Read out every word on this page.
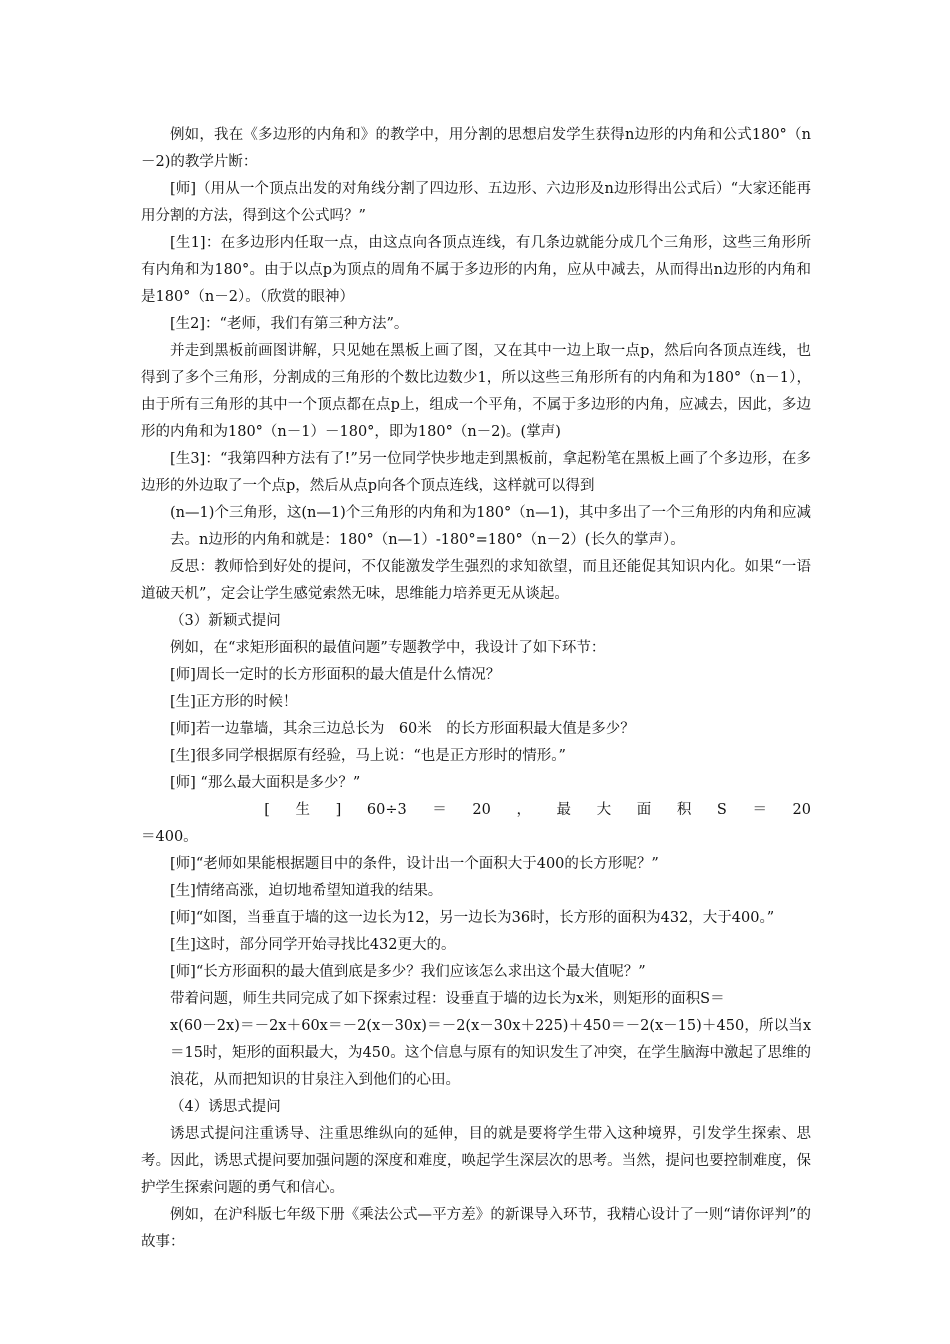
例如，我在《多边形的内角和》的教学中，用分割的思想启发学生获得n边形的内角和公式180°（n－2)的教学片断：

[师]（用从一个顶点出发的对角线分割了四边形、五边形、六边形及n边形得出公式后）“大家还能再用分割的方法，得到这个公式吗？”

[生1]：在多边形内任取一点，由这点向各顶点连线，有几条边就能分成几个三角形，这些三角形所有内角和为180°。由于以点p为顶点的周角不属于多边形的内角，应从中减去，从而得出n边形的内角和是180°（n－2）。（欣赏的眼神）

[生2]：“老师，我们有第三种方法”。

并走到黑板前画图讲解，只见她在黑板上画了图，又在其中一边上取一点p，然后向各顶点连线，也得到了多个三角形，分割成的三角形的个数比边数少1，所以这些三角形所有的内角和为180°（n－1），由于所有三角形的其中一个顶点都在点p上，组成一个平角，不属于多边形的内角，应减去，因此，多边形的内角和为180°（n－1）－180°，即为180°（n－2)。(掌声)

[生3]：“我第四种方法有了!”另一位同学快步地走到黑板前，拿起粉笔在黑板上画了个多边形，在多边形的外边取了一个点p，然后从点p向各个顶点连线，这样就可以得到

(n—1)个三角形，这(n—1)个三角形的内角和为180°（n—1)，其中多出了一个三角形的内角和应减去。n边形的内角和就是：180°（n—1）-180°=180°（n－2）(长久的掌声）。

反思：教师恰到好处的提问，不仅能激发学生强烈的求知欲望，而且还能促其知识内化。如果“一语道破天机”，定会让学生感觉索然无味，思维能力培养更无从谈起。

（3）新颖式提问

例如，在“求矩形面积的最值问题”专题教学中，我设计了如下环节：

[师]周长一定时的长方形面积的最大值是什么情况？

[生]正方形的时候！

[师]若一边靠墙，其余三边总长为　60米　的长方形面积最大值是多少？

[生]很多同学根据原有经验，马上说：“也是正方形时的情形。”

[师] “那么最大面积是多少？”

[ 生 ] 60÷3 ＝ 20 ， 最 大 面 积 S ＝ 20

＝400。

[师]“老师如果能根据题目中的条件，设计出一个面积大于400的长方形呢？”

[生]情绪高涨，迫切地希望知道我的结果。

[师]“如图，当垂直于墙的这一边长为12，另一边长为36时，长方形的面积为432，大于400。”

[生]这时，部分同学开始寻找比432更大的。

[师]“长方形面积的最大值到底是多少？我们应该怎么求出这个最大值呢？”

带着问题，师生共同完成了如下探索过程：设垂直于墙的边长为x米，则矩形的面积S＝

x(60－2x)＝－2x＋60x＝－2(x－30x)＝－2(x－30x＋225)＋450＝－2(x－15)＋450，所以当x＝15时，矩形的面积最大，为450。这个信息与原有的知识发生了冲突，在学生脑海中激起了思维的浪花，从而把知识的甘泉注入到他们的心田。

（4）诱思式提问

诱思式提问注重诱导、注重思维纵向的延伸，目的就是要将学生带入这种境界，引发学生探索、思考。因此，诱思式提问要加强问题的深度和难度，唤起学生深层次的思考。当然，提问也要控制难度，保护学生探索问题的勇气和信心。

例如，在沪科版七年级下册《乘法公式—平方差》的新课导入环节，我精心设计了一则“请你评判”的故事：
